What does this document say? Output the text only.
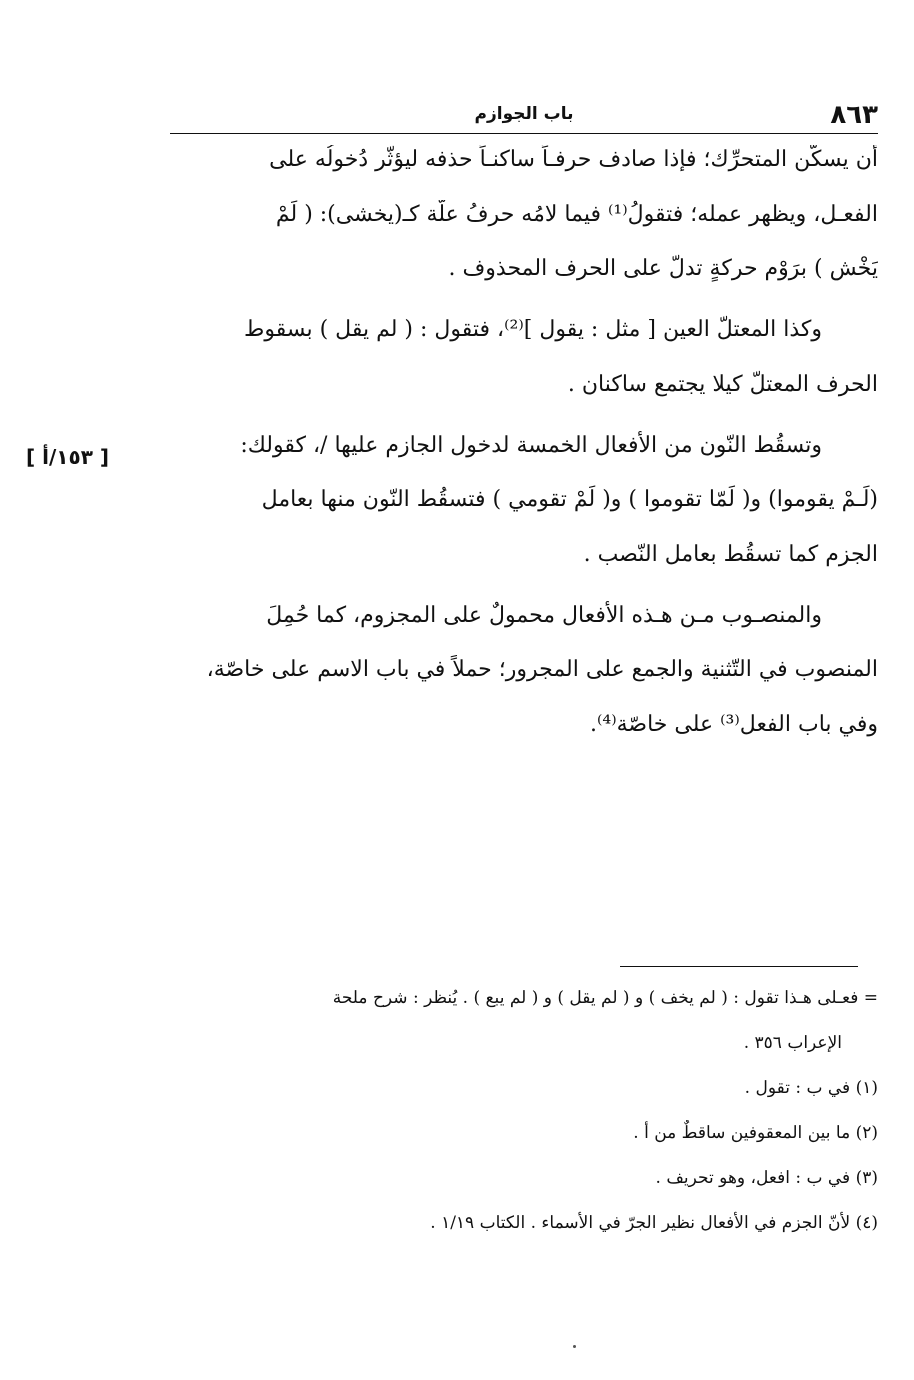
٨٦٣
باب الجوازم
[ ١٥٣/أ ]
أن يسكّن المتحرِّك؛ فإذا صادف حرفـاً ساكنـاً حذفه ليؤثّر دُخولُه على
الفعـل، ويظهر عمله؛ فتقولُ⁽¹⁾ فيما لامُه حرفُ علّة كـ(يخشى): ( لَمْ
يَخْش ) برَوْم حركةٍ تدلّ على الحرف المحذوف .
وكذا المعتلّ العين [ مثل : يقول ]⁽²⁾، فتقول : ( لم يقل ) بسقوط
الحرف المعتلّ كيلا يجتمع ساكنان .
وتسقُط النّون من الأفعال الخمسة لدخول الجازم عليها /، كقولك:
(لَـمْ يقوموا) و( لَمّا تقوموا ) و( لَمْ تقومي ) فتسقُط النّون منها بعامل
الجزم كما تسقُط بعامل النّصب .
والمنصـوب مـن هـذه الأفعال محمولٌ على المجزوم، كما حُمِلَ
المنصوب في التّثنية والجمع على المجرور؛ حملاً في باب الاسم على خاصّة،
وفي باب الفعل⁽³⁾ على خاصّة⁽⁴⁾.
= فعـلى هـذا تقول : ( لم يخف ) و ( لم يقل ) و ( لم يبع ) . يُنظر : شرح ملحة
الإعراب ٣٥٦ .
(١) في ب : تقول .
(٢) ما بين المعقوفين ساقطٌ من أ .
(٣) في ب : افعل، وهو تحريف .
(٤) لأنّ الجزم في الأفعال نظير الجرّ في الأسماء . الكتاب ١/١٩ .
